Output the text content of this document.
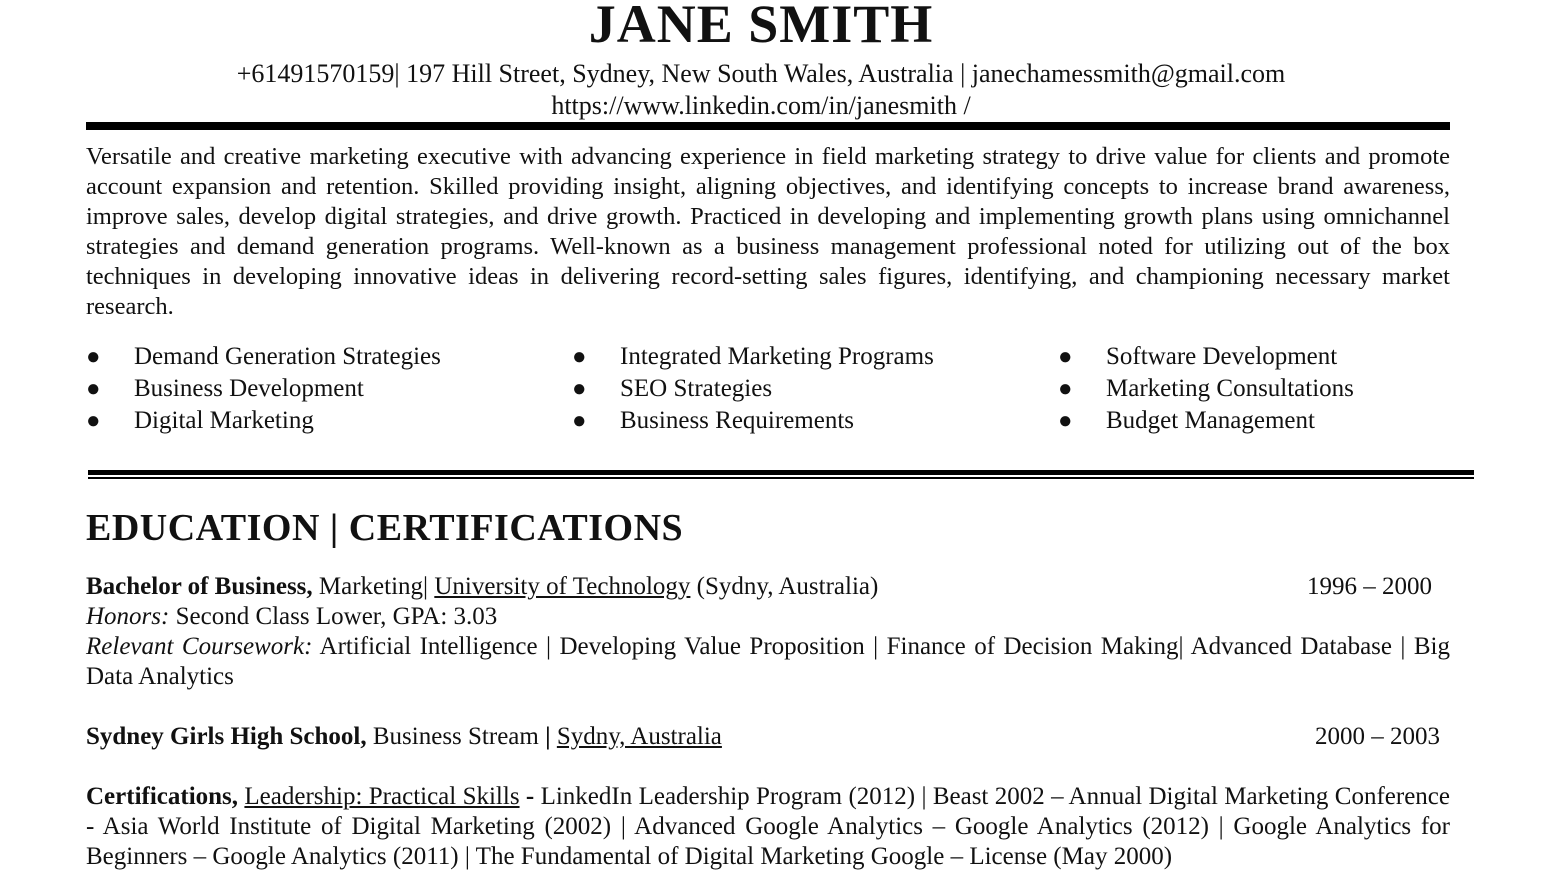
JANE SMITH
+61491570159| 197 Hill Street, Sydney, New South Wales, Australia | janechamessmith@gmail.com
https://www.linkedin.com/in/janesmith /

Versatile and creative marketing executive with advancing experience in field marketing strategy to drive value for clients and promote account expansion and retention. Skilled providing insight, aligning objectives, and identifying concepts to increase brand awareness, improve sales, develop digital strategies, and drive growth. Practiced in developing and implementing growth plans using omnichannel strategies and demand generation programs. Well-known as a business management professional noted for utilizing out of the box techniques in developing innovative ideas in delivering record-setting sales figures, identifying, and championing necessary market research.

● Demand Generation Strategies	● Integrated Marketing Programs	● Software Development
● Business Development	● SEO Strategies	● Marketing Consultations
● Digital Marketing	● Business Requirements	● Budget Management
EDUCATION | CERTIFICATIONS
Bachelor of Business, Marketing| University of Technology (Sydny, Australia)	1996 – 2000
Honors: Second Class Lower, GPA: 3.03

Relevant Coursework: Artificial Intelligence | Developing Value Proposition | Finance of Decision Making| Advanced Database | Big Data Analytics

Sydney Girls High School, Business Stream | Sydny, Australia	2000 – 2003

Certifications, Leadership: Practical Skills - LinkedIn Leadership Program (2012) | Beast 2002 – Annual Digital Marketing Conference - Asia World Institute of Digital Marketing (2002) | Advanced Google Analytics – Google Analytics (2012) | Google Analytics for Beginners – Google Analytics (2011) | The Fundamental of Digital Marketing Google – License (May 2000)
